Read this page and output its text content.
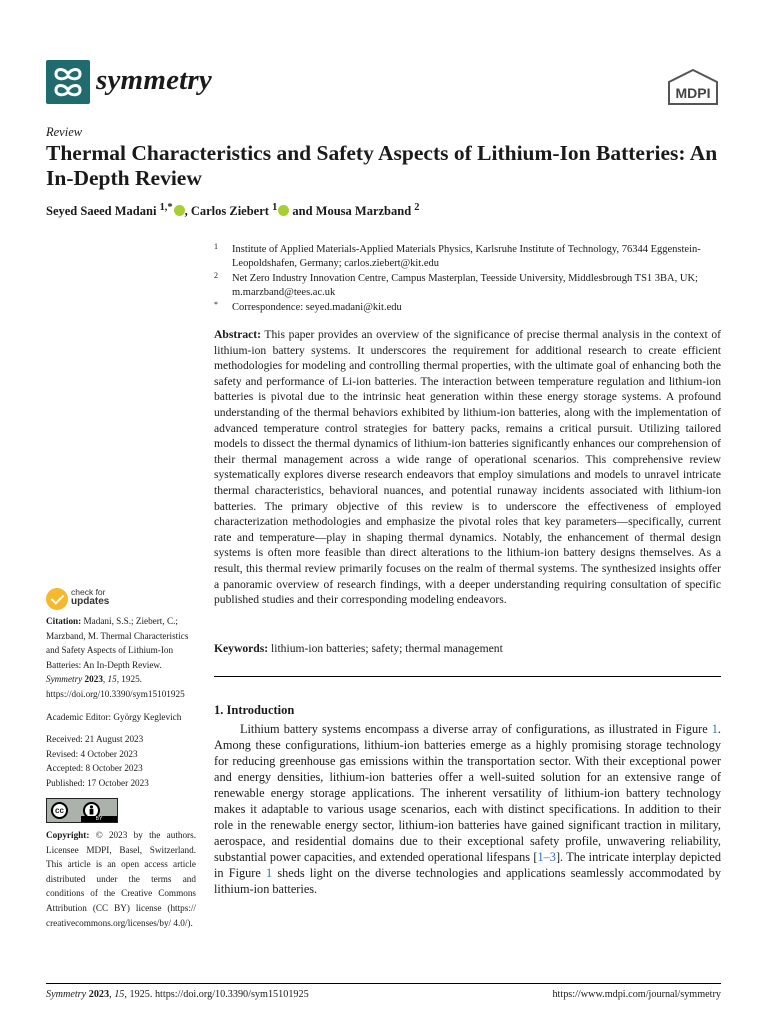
symmetry	MDPI
Review
Thermal Characteristics and Safety Aspects of Lithium-Ion Batteries: An In-Depth Review
Seyed Saeed Madani $^{1,*}$ , Carlos Ziebert $^1$ and Mousa Marzband $^2$
1 Institute of Applied Materials-Applied Materials Physics, Karlsruhe Institute of Technology, 76344 Eggenstein-Leopoldshafen, Germany; carlos.ziebert@kit.edu
2 Net Zero Industry Innovation Centre, Campus Masterplan, Teesside University, Middlesbrough TS1 3BA, UK; m.marzband@tees.ac.uk
* Correspondence: seyed.madani@kit.edu
Abstract: This paper provides an overview of the significance of precise thermal analysis in the context of lithium-ion battery systems. It underscores the requirement for additional research to create efficient methodologies for modeling and controlling thermal properties, with the ultimate goal of enhancing both the safety and performance of Li-ion batteries. The interaction between temperature regulation and lithium-ion batteries is pivotal due to the intrinsic heat generation within these energy storage systems. A profound understanding of the thermal behaviors exhibited by lithium-ion batteries, along with the implementation of advanced temperature control strategies for battery packs, remains a critical pursuit. Utilizing tailored models to dissect the thermal dynamics of lithium-ion batteries significantly enhances our comprehension of their thermal management across a wide range of operational scenarios. This comprehensive review systematically explores diverse research endeavors that employ simulations and models to unravel intricate thermal characteristics, behavioral nuances, and potential runaway incidents associated with lithium-ion batteries. The primary objective of this review is to underscore the effectiveness of employed characterization methodologies and emphasize the pivotal roles that key parameters—specifically, current rate and temperature—play in shaping thermal dynamics. Notably, the enhancement of thermal design systems is often more feasible than direct alterations to the lithium-ion battery designs themselves. As a result, this thermal review primarily focuses on the realm of thermal systems. The synthesized insights offer a panoramic overview of research findings, with a deeper understanding requiring consultation of specific published studies and their corresponding modeling endeavors.
Keywords: lithium-ion batteries; safety; thermal management
1. Introduction
Lithium battery systems encompass a diverse array of configurations, as illustrated in Figure 1. Among these configurations, lithium-ion batteries emerge as a highly promising storage technology for reducing greenhouse gas emissions within the transportation sector. With their exceptional power and energy densities, lithium-ion batteries offer a well-suited solution for an extensive range of renewable energy storage applications. The inherent versatility of lithium-ion battery technology makes it adaptable to various usage scenarios, each with distinct specifications. In addition to their role in the renewable energy sector, lithium-ion batteries have gained significant traction in military, aerospace, and residential domains due to their exceptional safety profile, unwavering reliability, substantial power capacities, and extended operational lifespans [1–3]. The intricate interplay depicted in Figure 1 sheds light on the diverse technologies and applications seamlessly accommodated by lithium-ion batteries.
check for
updates
Citation: Madani, S.S.; Ziebert, C.; Marzband, M. Thermal Characteristics and Safety Aspects of Lithium-Ion Batteries: An In-Depth Review. Symmetry 2023, 15, 1925. https://doi.org/10.3390/sym15101925
Academic Editor: György Keglevich
Received: 21 August 2023
Revised: 4 October 2023
Accepted: 8 October 2023
Published: 17 October 2023
cc
BY
Copyright: © 2023 by the authors. Licensee MDPI, Basel, Switzerland. This article is an open access article distributed under the terms and conditions of the Creative Commons Attribution (CC BY) license (https:// creativecommons.org/licenses/by/ 4.0/).
Symmetry 2023, 15, 1925. https://doi.org/10.3390/sym15101925	https://www.mdpi.com/journal/symmetry
